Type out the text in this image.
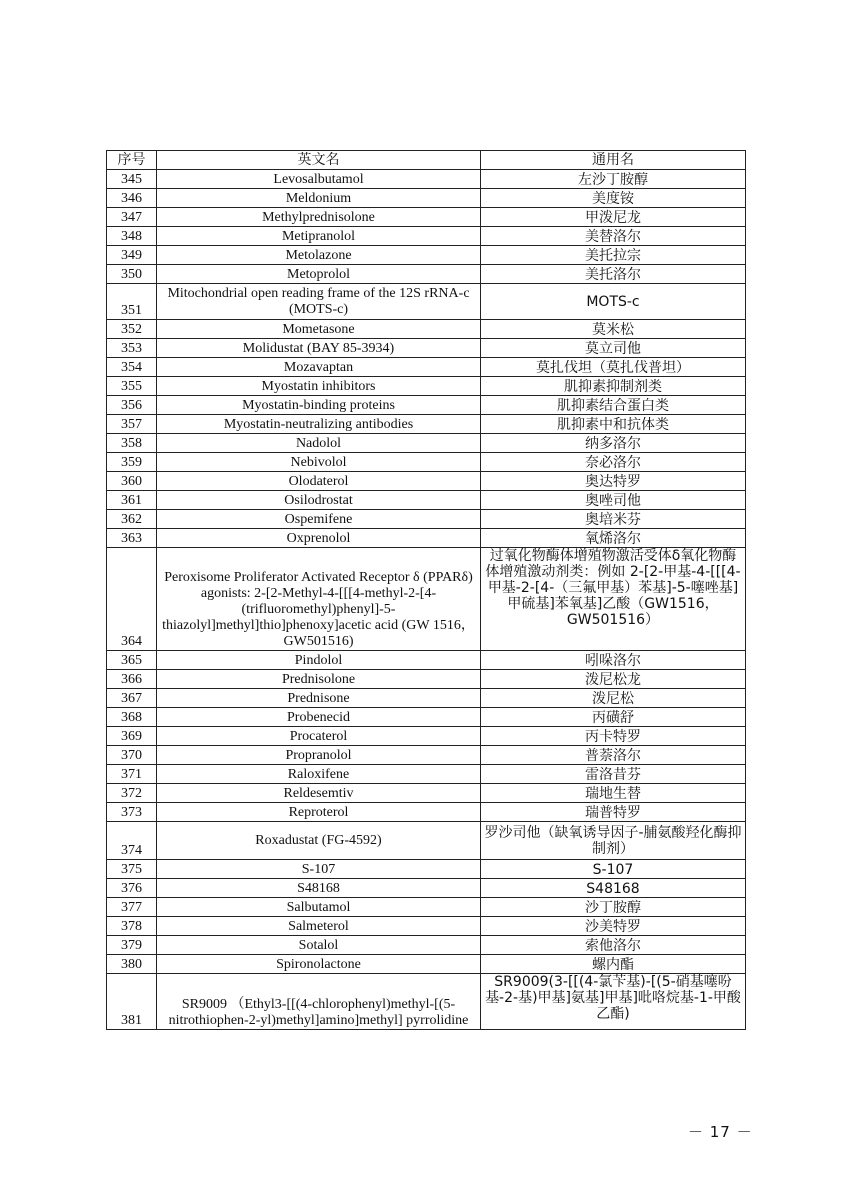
序号	英文名	通用名
345	Levosalbutamol	左沙丁胺醇
346	Meldonium	美度铵
347	Methylprednisolone	甲泼尼龙
348	Metipranolol	美替洛尔
349	Metolazone	美托拉宗
350	Metoprolol	美托洛尔
351	Mitochondrial open reading frame of the 12S rRNA-c (MOTS-c)	MOTS-c
352	Mometasone	莫米松
353	Molidustat (BAY 85-3934)	莫立司他
354	Mozavaptan	莫扎伐坦（莫扎伐普坦）
355	Myostatin inhibitors	肌抑素抑制剂类
356	Myostatin-binding proteins	肌抑素结合蛋白类
357	Myostatin-neutralizing antibodies	肌抑素中和抗体类
358	Nadolol	纳多洛尔
359	Nebivolol	奈必洛尔
360	Olodaterol	奥达特罗
361	Osilodrostat	奥唑司他
362	Ospemifene	奥培米芬
363	Oxprenolol	氧烯洛尔
364	Peroxisome Proliferator Activated Receptor δ (PPARδ) agonists: 2-[2-Methyl-4-[[[4-methyl-2-[4-(trifluoromethyl)phenyl]-5-thiazolyl]methyl]thio]phenoxy]acetic acid (GW 1516，GW501516)	过氧化物酶体增殖物激活受体δ氧化物酶体增殖激动剂类：例如 2-[2-甲基-4-[[[4-甲基-2-[4-（三氟甲基）苯基]-5-噻唑基]甲硫基]苯氧基]乙酸（GW1516，GW501516）
365	Pindolol	吲哚洛尔
366	Prednisolone	泼尼松龙
367	Prednisone	泼尼松
368	Probenecid	丙磺舒
369	Procaterol	丙卡特罗
370	Propranolol	普萘洛尔
371	Raloxifene	雷洛昔芬
372	Reldesemtiv	瑞地生替
373	Reproterol	瑞普特罗
374	Roxadustat (FG-4592)	罗沙司他（缺氧诱导因子-脯氨酸羟化酶抑制剂）
375	S-107	S-107
376	S48168	S48168
377	Salbutamol	沙丁胺醇
378	Salmeterol	沙美特罗
379	Sotalol	索他洛尔
380	Spironolactone	螺内酯
381	SR9009 （Ethyl3-[[(4-chlorophenyl)methyl-[(5-nitrothiophen-2-yl)methyl]amino]methyl] pyrrolidine	SR9009(3-[[(4-氯苄基)-[(5-硝基噻吩基-2-基)甲基]氨基]甲基]吡咯烷基-1-甲酸乙酯)
－ 17 －
